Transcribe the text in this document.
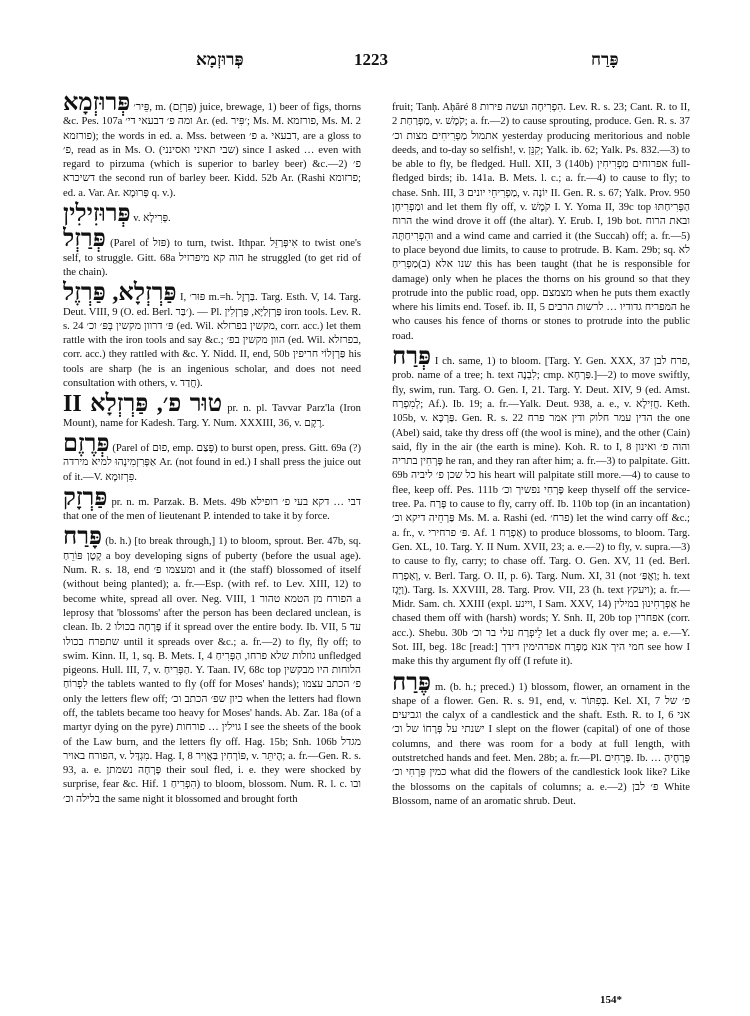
פְּרוּזְמָא	1223	פָּרַח

פְּרוּזְמָא פֵּיר׳, m. (פִּרְזֵם) juice, brewage, 1) beer of figs, thorns &c. Pes. 107a ומה פ׳ דבעאי די׳ Ar. (ed. ׳פִּיר; Ms. M. פורזמא, Ms. M. 2 פורזמא); the words in ed. a. Mss. between פ׳ a. דבעאי, are a gloss to פ׳, read as in Ms. O. (שבי תאיני ואסינני) since I asked … even with regard to pirzuma (which is superior to barley beer) &c.—2) פ׳ דשיכרא the second run of barley beer. Kidd. 52b Ar. (Rashi פרזומא; ed. a. Var. Ar. פְּרוּמָא q. v.).

פְּרוּזִילִין v. פְּרִילָא.

פְּרַזְל (Parel of פּזל) to turn, twist. Ithpar. אִיפְּרַזֵּל to twist one's self, to struggle. Gitt. 68a הוה קא מיפרזיל he struggled (to get rid of the chain).

פַּרְזְלָא, פַּרְזֶל I, פּוּר׳ m.=h. בַּרְזֶל. Targ. Esth. V, 14. Targ. Deut. VIII, 9 (O. ed. Berl. ׳בַּר). — Pl. פַּרְזְלַיָּא, פַּרְזְלִין iron tools. Lev. R. s. 24 פּ׳ דרוון מקשין בְּפּ׳ וכ׳ (ed. Wil. מקשין בפרזלא, corr. acc.) let them rattle with the iron tools and say &c.; הוון מקשין בפ׳ (ed. Wil. בפרזלא, corr. acc.) they rattled with &c. Y. Nidd. II, end, 50b פַּרְזְלוֹי חריפין his tools are sharp (he is an ingenious scholar, and does not need consultation with others, v. חֲדַד).

טוּר פ׳, פַּרְזְלָא II pr. n. pl. Tavvar Parz'la (Iron Mount), name for Kadesh. Targ. Y. Num. XXXIII, 36, v. רֶקֶם.

פְּרֶזֶם (Parel of פוּם, emp. פְּצַם) to burst open, press. Gitt. 69a (?) אַפְּרִזְמִינְהוּ למיא מירדה Ar. (not found in ed.) I shall press the juice out of it.—V. פִּרְזוּמָא.

פַּרְזָק pr. n. m. Parzak. B. Mets. 49b דבי … דקא בעי פ׳ רופילא that one of the men of lieutenant P. intended to take it by force.

פָּרַח (b. h.) [to break through,] 1) to bloom, sprout. Ber. 47b, sq. קָטָן פּוֹרֵחַ a boy developing signs of puberty (before the usual age). Num. R. s. 18, end ומעצמו פ׳ and it (the staff) blossomed of itself (without being planted); a. fr.—Esp. (with ref. to Lev. XIII, 12) to become white, spread all over. Neg. VIII, 1 הפורח מן הטמא טהור a leprosy that 'blossoms' after the person has been declared unclean, is clean. Ib. 2 פָּרְחָה בכולו if it spread over the entire body. Ib. VII, 5 עד שתפרח בכולו until it spreads over &c.; a. fr.—2) to fly, fly off; to swim. Kinn. II, 1, sq. B. Mets. I, 4 גוזלות שלא פרחו, הַפְּרִיחַ unfledged pigeons. Hull. III, 7, v. הַפְּרִיחַ. Y. Taan. IV, 68c top הלוחות היו מבקשין לִפְרוֹחַ the tablets wanted to fly (off for Moses' hands); פ׳ הכתב עצמו only the letters flew off; כיון שפ׳ הכתב וכ׳ when the letters had flown off, the tablets became too heavy for Moses' hands. Ab. Zar. 18a (of a martyr dying on the pyre) גוילין … פורחות I see the sheets of the book of the Law burn, and the letters fly off. Hag. 15b; Snh. 106b מגדל הפורח באויר, v. מִגְדָּל. Hag. I, 8 פּוֹרְחִין בַּאֲוִיר, v. הֶיתֵּר; a. fr.—Gen. R. s. 93, a. e. פָּרְחָה נשמתן their soul fled, i. e. they were shocked by surprise, fear &c. Hif. הִפְרִיחַ 1) to bloom, blossom. Num. R. l. c. ובו בלילה וכ׳ the same night it blossomed and brought forth

fruit; Tanḥ. Aḥăré 8 הִפְרִיחָה ועשה פירות. Lev. R. s. 23; Cant. R. to II, 2 מַפְרַחַת, v. קֹמֶשׁ; a. fr.—2) to cause sprouting, produce. Gen. R. s. 37 אתמול מַפְרִיחִים מצות וכ׳ yesterday producing meritorious and noble deeds, and to-day so selfish!, v. קִנֵּן; Yalk. ib. 62; Yalk. Ps. 832.—3) to be able to fly, be fledged. Hull. XII, 3 (140b) אפרוחים מַפְרִיחִין full-fledged birds; ib. 141a. B. Mets. l. c.; a. fr.—4) to cause to fly; to chase. Snh. III, 3 מַפְרִיחֵי יונים, v. יוֹנָה II. Gen. R. s. 67; Yalk. Prov. 950 ומַפְרִיחָן and let them fly off, v. קֹמֶשׁ I. Y. Yoma II, 39c top הַפְּרִיחַתּוּ הרוח the wind drove it off (the altar). Y. Erub. I, 19b bot. ובאת הרוח והִפְרִיחַתָּה and a wind came and carried it (the Succah) off; a. fr.—5) to place beyond due limits, to cause to protrude. B. Kam. 29b; sq. לא שנו אלא (ב)מַפְרִיחַ this has been taught (that he is responsible for damage) only when he places the thorns on his ground so that they protrude into the public road, opp. מצמצם when he puts them exactly where his limits end. Tosef. ib. II, 5 המפריח גדודיו … לרשות הרבים he who causes his fence of thorns or stones to protrude into the public road.

פְּרַח I ch. same, 1) to bloom. [Targ. Y. Gen. XXX, 37 פרח לבן, prob. name of a tree; h. text לִבְנֶה; cmp. פַּרְחָא.]—2) to move swiftly, fly, swim, run. Targ. O. Gen. I, 21. Targ. Y. Deut. XIV, 9 (ed. Amst. לְמִפְרַח; Af.). Ib. 19; a. fr.—Yalk. Deut. 938, a. e., v. חֲזִילָא. Keth. 105b, v. פַּרְכָּא. Gen. R. s. 22 הדין עמר חלוק ודין אמר פרח the one (Abel) said, take thy dress off (the wool is mine), and the other (Cain) said, fly in the air (the earth is mine). Koh. R. to I, 8 והוה פ׳ ואינון פָּרְחִין בתריה he ran, and they ran after him; a. fr.—3) to palpitate. Gitt. 69b כל שכן פ׳ ליביה his heart will palpitate still more.—4) to cause to flee, keep off. Pes. 111b פָּרְחִי נפשיך וכ׳ keep thyself off the service-tree. Pa. פָּרַח to cause to fly, carry off. Ib. 110b top (in an incantation) פַּרְחֵיה דיקא וכ׳ Ms. M. a. Rashi (ed. פרח׳) let the wind carry off &c.; a. fr., v. פּ׳ פרחירי. Af. אַפְרַח 1) to produce blossoms, to bloom. Targ. Gen. XL, 10. Targ. Y. II Num. XVII, 23; a. e.—2) to fly, v. supra.—3) to cause to fly, carry; to chase off. Targ. O. Gen. XV, 11 (ed. Berl. וְאַפְרַח, v. Berl. Targ. O. II, p. 6). Targ. Num. XI, 31 (not וַאֲפַּ׳; h. text וַיָּגָז). Targ. Is. XXVIII, 28. Targ. Prov. VII, 23 (h. text ויעקץ); a. fr.—Midr. Sam. ch. XXIII (expl. ויינע, I Sam. XXV, 14) אַפְרְחִינוּן במילין he chased them off with (harsh) words; Y. Snh. II, 20b top אפחרין (corr. acc.). Shebu. 30b לֵיפְרַח עלי בר וכ׳ let a duck fly over me; a. e.—Y. Sot. III, beg. 18c [read:] חמי היך אנא מַפְרַח אפרהימין דידך see how I make this thy argument fly off (I refute it).

פֶּרַח m. (b. h.; preced.) 1) blossom, flower, an ornament in the shape of a flower. Gen. R. s. 91, end, v. בְּפִתּוֹר. Kel. XI, 7 פ׳ של וגביעים the calyx of a candlestick and the shaft. Esth. R. to I, 6 אני ישנתי על פְּרָחוֹ של וכ׳ I slept on the flower (capital) of one of those columns, and there was room for a body at full length, with outstretched hands and feet. Men. 28b; a. fr.—Pl. פְּרָחִים. Ib. פְּרָחֶיהָ … כמין פִּרְחִי וכ׳ what did the flowers of the candlestick look like? Like the blossoms on the capitals of columns; a. e.—2) פ׳ לבן White Blossom, name of an aromatic shrub. Deut.

154*
